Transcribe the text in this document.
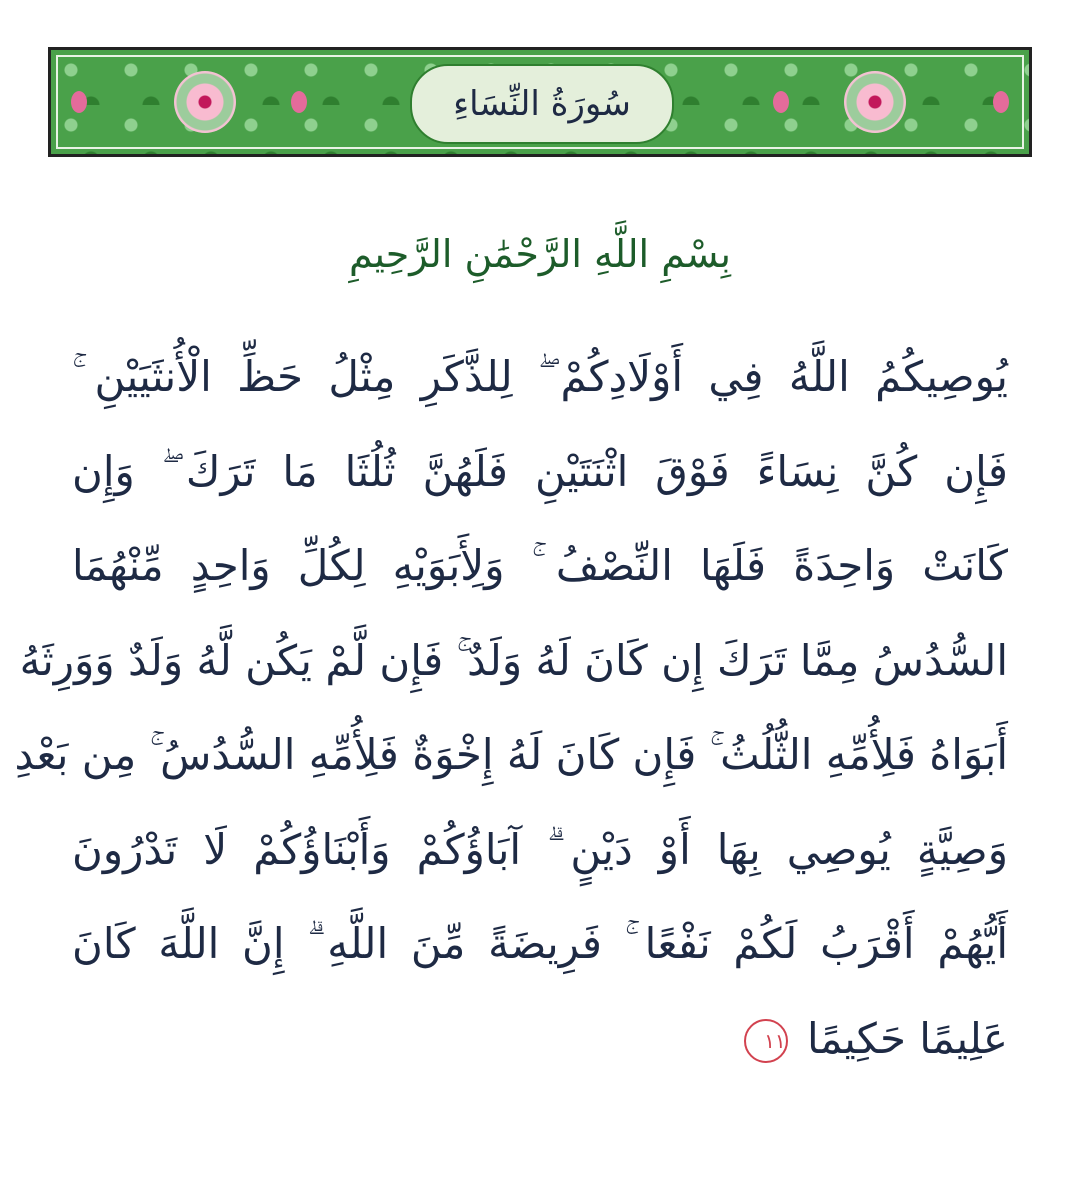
سُورَةُ النِّسَاءِ
بِسْمِ اللَّهِ الرَّحْمَٰنِ الرَّحِيمِ
يُوصِيكُمُ اللَّهُ فِي أَوْلَادِكُمْ ۖ لِلذَّكَرِ مِثْلُ حَظِّ الْأُنثَيَيْنِ ۚ
فَإِن كُنَّ نِسَاءً فَوْقَ اثْنَتَيْنِ فَلَهُنَّ ثُلُثَا مَا تَرَكَ ۖ وَإِن
كَانَتْ وَاحِدَةً فَلَهَا النِّصْفُ ۚ وَلِأَبَوَيْهِ لِكُلِّ وَاحِدٍ مِّنْهُمَا
السُّدُسُ مِمَّا تَرَكَ إِن كَانَ لَهُ وَلَدٌ ۚ فَإِن لَّمْ يَكُن لَّهُ وَلَدٌ وَوَرِثَهُ
أَبَوَاهُ فَلِأُمِّهِ الثُّلُثُ ۚ فَإِن كَانَ لَهُ إِخْوَةٌ فَلِأُمِّهِ السُّدُسُ ۚ مِن بَعْدِ
وَصِيَّةٍ يُوصِي بِهَا أَوْ دَيْنٍ ۗ آبَاؤُكُمْ وَأَبْنَاؤُكُمْ لَا تَدْرُونَ
أَيُّهُمْ أَقْرَبُ لَكُمْ نَفْعًا ۚ فَرِيضَةً مِّنَ اللَّهِ ۗ إِنَّ اللَّهَ كَانَ
عَلِيمًا حَكِيمًا ١١
